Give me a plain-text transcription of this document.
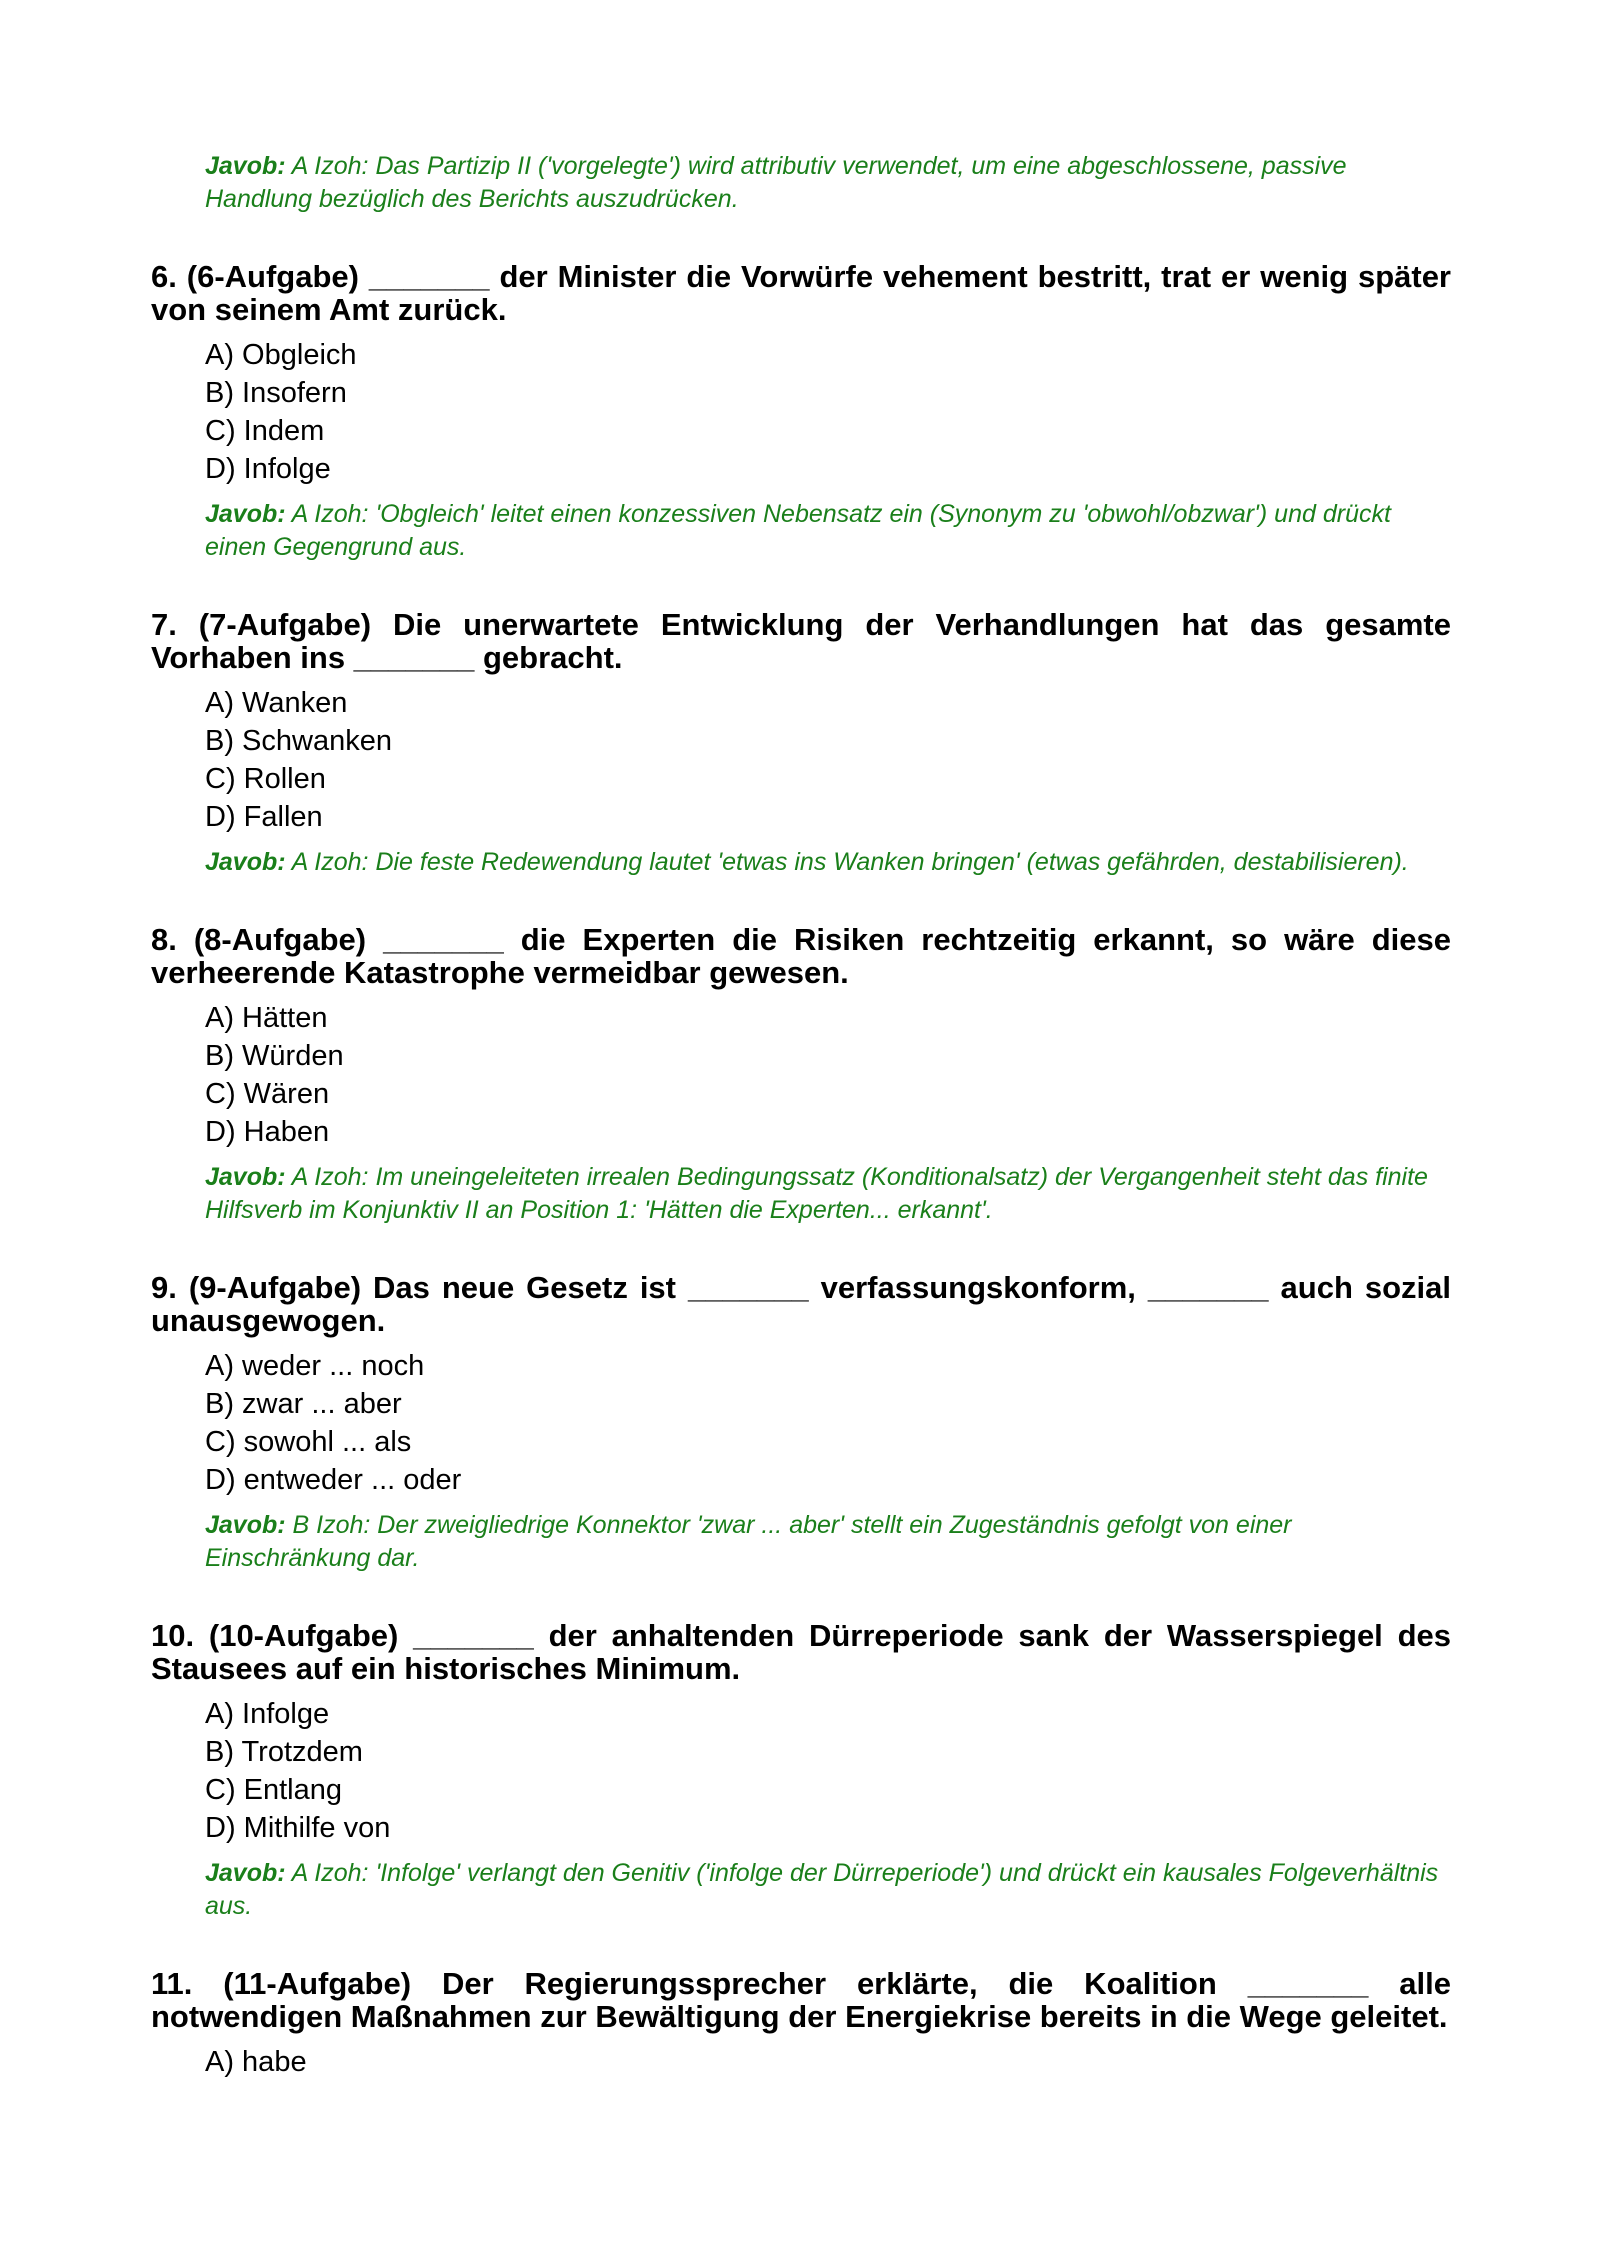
Javob: A Izoh: Das Partizip II ('vorgelegte') wird attributiv verwendet, um eine abgeschlossene, passive Handlung bezüglich des Berichts auszudrücken.
6. (6-Aufgabe) _______ der Minister die Vorwürfe vehement bestritt, trat er wenig später von seinem Amt zurück.
A) Obgleich
B) Insofern
C) Indem
D) Infolge
Javob: A Izoh: 'Obgleich' leitet einen konzessiven Nebensatz ein (Synonym zu 'obwohl/obzwar') und drückt einen Gegengrund aus.
7. (7-Aufgabe) Die unerwartete Entwicklung der Verhandlungen hat das gesamte Vorhaben ins _______ gebracht.
A) Wanken
B) Schwanken
C) Rollen
D) Fallen
Javob: A Izoh: Die feste Redewendung lautet 'etwas ins Wanken bringen' (etwas gefährden, destabilisieren).
8. (8-Aufgabe) _______ die Experten die Risiken rechtzeitig erkannt, so wäre diese verheerende Katastrophe vermeidbar gewesen.
A) Hätten
B) Würden
C) Wären
D) Haben
Javob: A Izoh: Im uneingeleiteten irrealen Bedingungssatz (Konditionalsatz) der Vergangenheit steht das finite Hilfsverb im Konjunktiv II an Position 1: 'Hätten die Experten... erkannt'.
9. (9-Aufgabe) Das neue Gesetz ist _______ verfassungskonform, _______ auch sozial unausgewogen.
A) weder ... noch
B) zwar ... aber
C) sowohl ... als
D) entweder ... oder
Javob: B Izoh: Der zweigliedrige Konnektor 'zwar ... aber' stellt ein Zugeständnis gefolgt von einer Einschränkung dar.
10. (10-Aufgabe) _______ der anhaltenden Dürreperiode sank der Wasserspiegel des Stausees auf ein historisches Minimum.
A) Infolge
B) Trotzdem
C) Entlang
D) Mithilfe von
Javob: A Izoh: 'Infolge' verlangt den Genitiv ('infolge der Dürreperiode') und drückt ein kausales Folgeverhältnis aus.
11. (11-Aufgabe) Der Regierungssprecher erklärte, die Koalition _______ alle notwendigen Maßnahmen zur Bewältigung der Energiekrise bereits in die Wege geleitet.
A) habe
